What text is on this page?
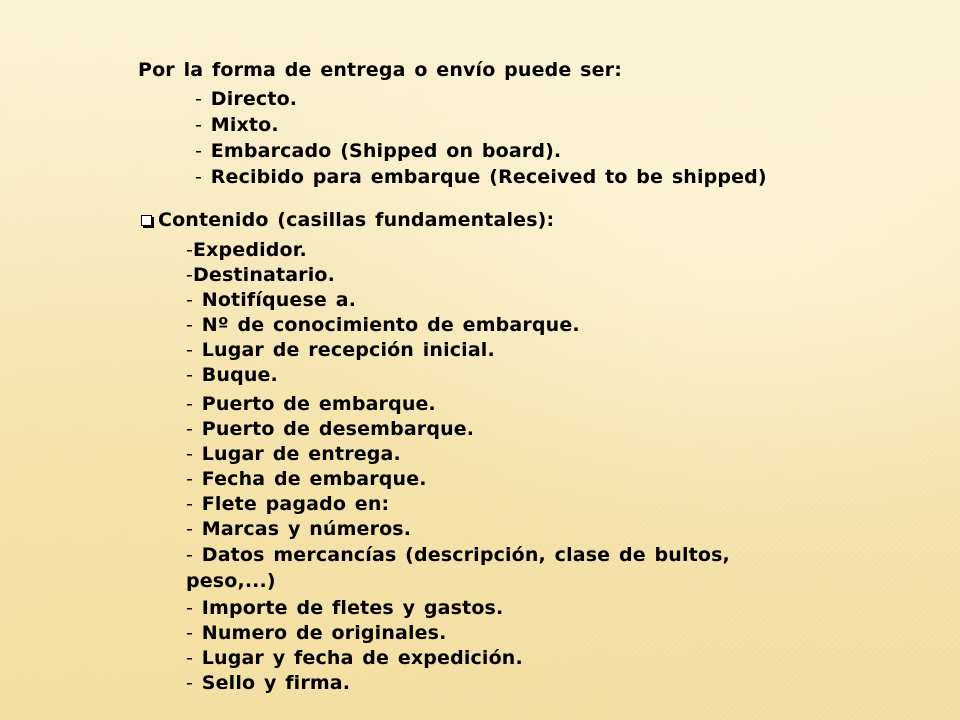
Por la forma de entrega o envío puede ser:
- Directo.
- Mixto.
- Embarcado (Shipped on board).
- Recibido para embarque (Received to be shipped)
Contenido (casillas fundamentales):
-Expedidor.
-Destinatario.
- Notifíquese a.
- Nº de conocimiento de embarque.
- Lugar de recepción inicial.
- Buque.
- Puerto de embarque.
- Puerto de desembarque.
- Lugar de entrega.
- Fecha de embarque.
- Flete pagado en:
- Marcas y números.
- Datos mercancías (descripción, clase de bultos,
peso,...)
- Importe de fletes y gastos.
- Numero de originales.
- Lugar y fecha de expedición.
- Sello y firma.
